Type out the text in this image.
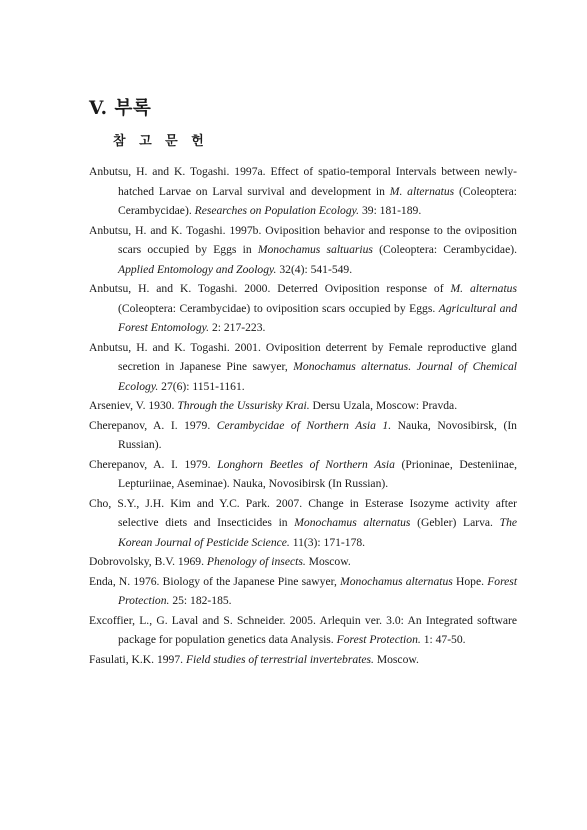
V. 부록
참 고 문 헌

Anbutsu, H. and K. Togashi. 1997a. Effect of spatio-temporal Intervals between newly-hatched Larvae on Larval survival and development in M. alternatus (Coleoptera: Cerambycidae). Researches on Population Ecology. 39: 181-189.

Anbutsu, H. and K. Togashi. 1997b. Oviposition behavior and response to the oviposition scars occupied by Eggs in Monochamus saltuarius (Coleoptera: Cerambycidae). Applied Entomology and Zoology. 32(4): 541-549.

Anbutsu, H. and K. Togashi. 2000. Deterred Oviposition response of M. alternatus (Coleoptera: Cerambycidae) to oviposition scars occupied by Eggs. Agricultural and Forest Entomology. 2: 217-223.

Anbutsu, H. and K. Togashi. 2001. Oviposition deterrent by Female reproductive gland secretion in Japanese Pine sawyer, Monochamus alternatus. Journal of Chemical Ecology. 27(6): 1151-1161.

Arseniev, V. 1930. Through the Ussurisky Krai. Dersu Uzala, Moscow: Pravda.

Cherepanov, A. I. 1979. Cerambycidae of Northern Asia 1. Nauka, Novosibirsk, (In Russian).

Cherepanov, A. I. 1979. Longhorn Beetles of Northern Asia (Prioninae, Desteniinae, Lepturiinae, Aseminae). Nauka, Novosibirsk (In Russian).

Cho, S.Y., J.H. Kim and Y.C. Park. 2007. Change in Esterase Isozyme activity after selective diets and Insecticides in Monochamus alternatus (Gebler) Larva. The Korean Journal of Pesticide Science. 11(3): 171-178.

Dobrovolsky, B.V. 1969. Phenology of insects. Moscow.

Enda, N. 1976. Biology of the Japanese Pine sawyer, Monochamus alternatus Hope. Forest Protection. 25: 182-185.

Excoffier, L., G. Laval and S. Schneider. 2005. Arlequin ver. 3.0: An Integrated software package for population genetics data Analysis. Forest Protection. 1: 47-50.

Fasulati, K.K. 1997. Field studies of terrestrial invertebrates. Moscow.
